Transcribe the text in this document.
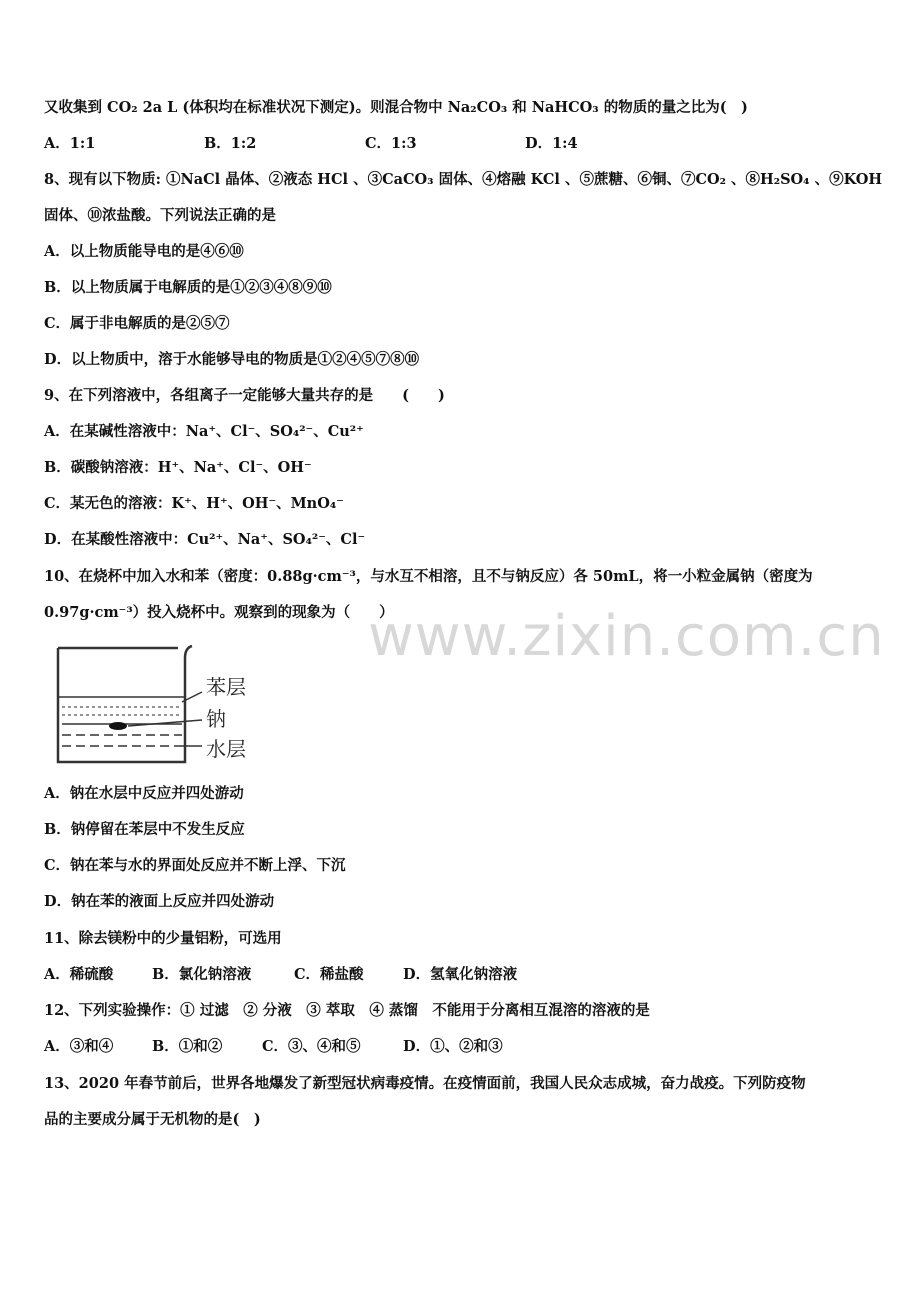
www.zixin.com.cn
又收集到 CO₂ 2a L (体积均在标准状况下测定)。则混合物中 Na₂CO₃ 和 NaHCO₃ 的物质的量之比为(　)
A．1:1	B．1:2	C．1:3	D．1:4
8、现有以下物质: ①NaCl 晶体、②液态 HCl 、③CaCO₃ 固体、④熔融 KCl 、⑤蔗糖、⑥铜、⑦CO₂ 、⑧H₂SO₄ 、⑨KOH
固体、⑩浓盐酸。下列说法正确的是
A．以上物质能导电的是④⑥⑩
B．以上物质属于电解质的是①②③④⑧⑨⑩
C．属于非电解质的是②⑤⑦
D．以上物质中，溶于水能够导电的物质是①②④⑤⑦⑧⑩
9、在下列溶液中，各组离子一定能够大量共存的是　　(　　)
A．在某碱性溶液中：Na⁺、Cl⁻、SO₄²⁻、Cu²⁺
B．碳酸钠溶液：H⁺、Na⁺、Cl⁻、OH⁻
C．某无色的溶液：K⁺、H⁺、OH⁻、MnO₄⁻
D．在某酸性溶液中：Cu²⁺、Na⁺、SO₄²⁻、Cl⁻
10、在烧杯中加入水和苯（密度：0.88g·cm⁻³，与水互不相溶，且不与钠反应）各 50mL，将一小粒金属钠（密度为
0.97g·cm⁻³）投入烧杯中。观察到的现象为（　　）
苯层
钠
水层
A．钠在水层中反应并四处游动
B．钠停留在苯层中不发生反应
C．钠在苯与水的界面处反应并不断上浮、下沉
D．钠在苯的液面上反应并四处游动
11、除去镁粉中的少量铝粉，可选用
A．稀硫酸	B．氯化钠溶液	C．稀盐酸	D．氢氧化钠溶液
12、下列实验操作：① 过滤　② 分液　③ 萃取　④ 蒸馏　不能用于分离相互混溶的溶液的是
A．③和④	B．①和②	C．③、④和⑤	D．①、②和③
13、2020 年春节前后，世界各地爆发了新型冠状病毒疫情。在疫情面前，我国人民众志成城，奋力战疫。下列防疫物
品的主要成分属于无机物的是(　)
